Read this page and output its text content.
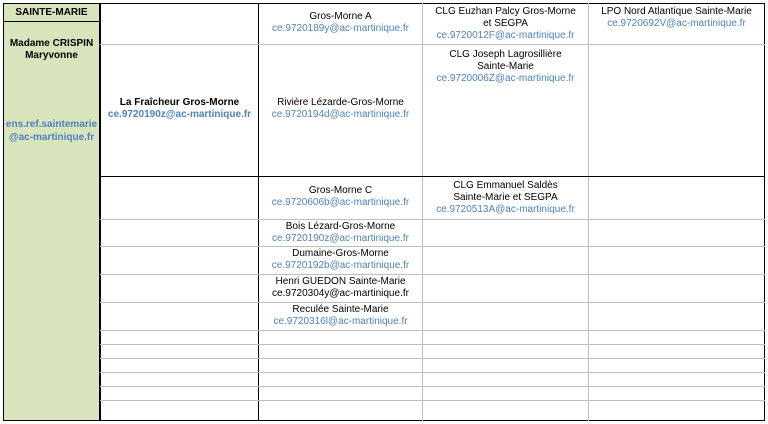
SAINTE-MARIE
Madame CRISPIN
Maryvonne
ens.ref.saintemarie
@ac-martinique.fr
La Fraîcheur Gros-Morne
ce.9720190z@ac-martinique.fr
Gros-Morne A
ce.9720189y@ac-martinique.fr
Rivière Lézarde-Gros-Morne
ce.9720194d@ac-martinique.fr
Gros-Morne C
ce.9720606b@ac-martinique.fr
Bois Lézard-Gros-Morne
ce.9720190z@ac-martinique.fr
Dumaine-Gros-Morne
ce.9720192b@ac-martinique.fr
Henri GUEDON Sainte-Marie
ce.9720304y@ac-martinique.fr
Reculée Sainte-Marie
ce.9720316l@ac-martinique.fr
CLG Euzhan Palcy Gros-Morne
et SEGPA
ce.9720012F@ac-martinique.fr
CLG Joseph Lagrosillière
Sainte-Marie
ce.9720006Z@ac-martinique.fr
CLG Emmanuel Saldès
Sainte-Marie et SEGPA
ce.9720513A@ac-martinique.fr
LPO Nord Atlantique Sainte-Marie
ce.9720692V@ac-martinique.fr
